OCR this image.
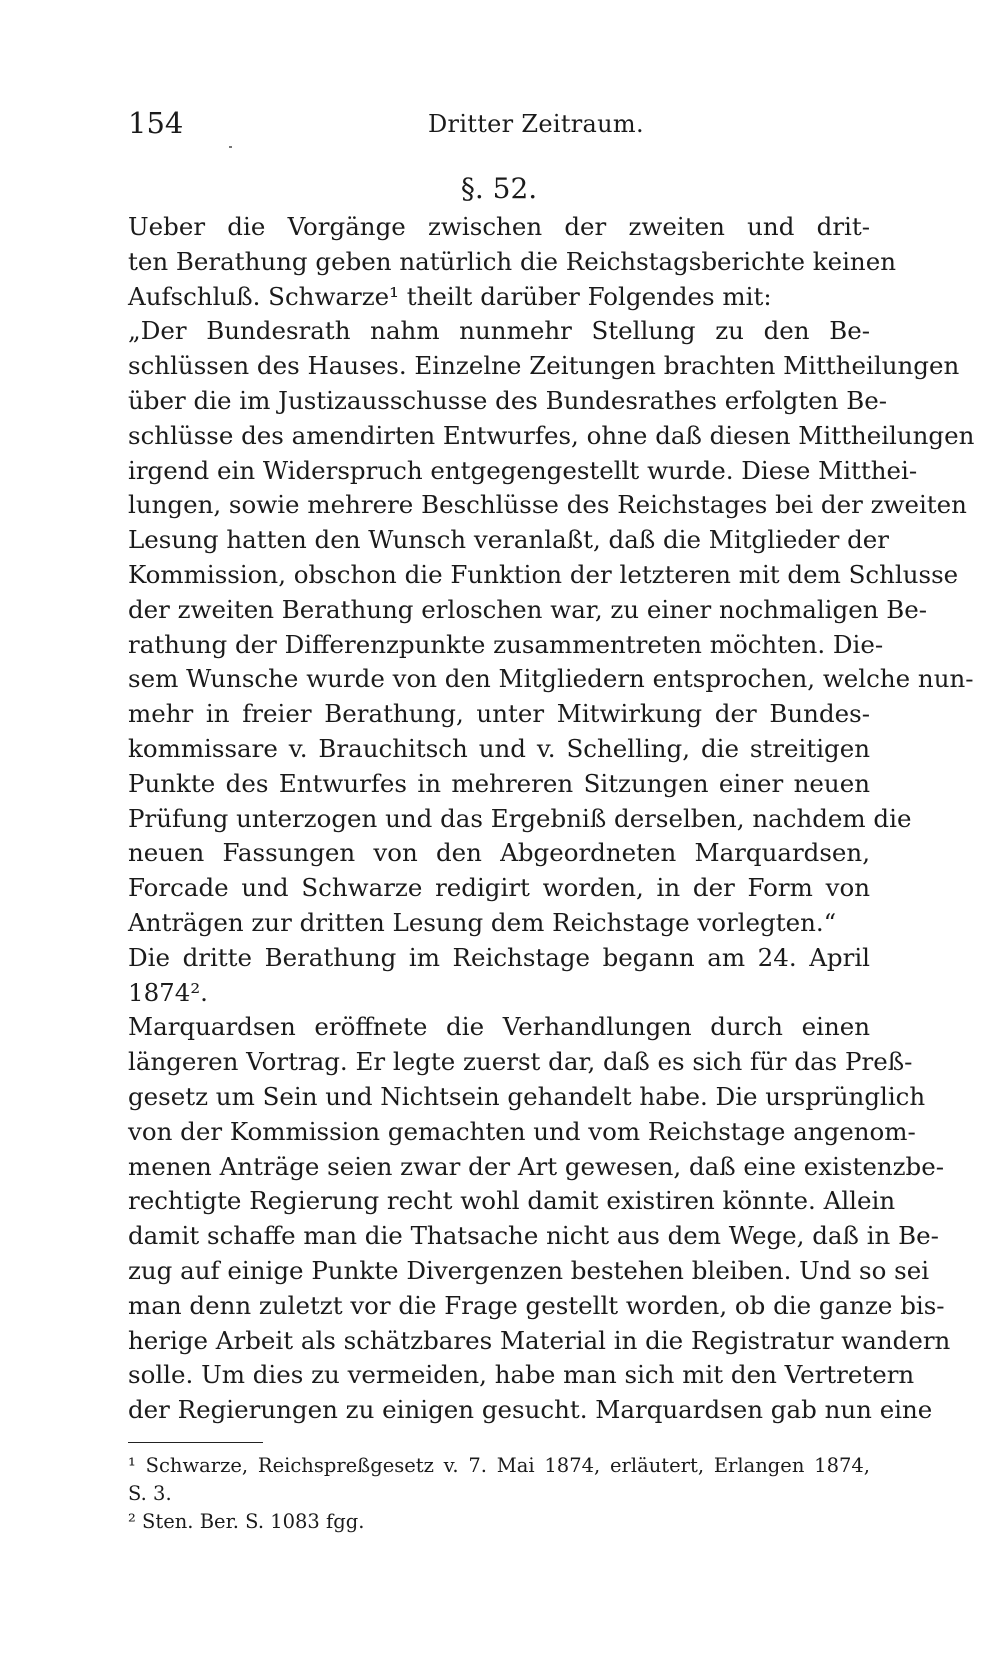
154	Dritter Zeitraum.
§. 52.
Ueber die Vorgänge zwischen der zweiten und drit-
ten Berathung geben natürlich die Reichstagsberichte keinen
Aufschluß. Schwarze¹ theilt darüber Folgendes mit:
„Der Bundesrath nahm nunmehr Stellung zu den Be-
schlüssen des Hauses. Einzelne Zeitungen brachten Mittheilungen
über die im Justizausschusse des Bundesrathes erfolgten Be-
schlüsse des amendirten Entwurfes, ohne daß diesen Mittheilungen
irgend ein Widerspruch entgegengestellt wurde. Diese Mitthei-
lungen, sowie mehrere Beschlüsse des Reichstages bei der zweiten
Lesung hatten den Wunsch veranlaßt, daß die Mitglieder der
Kommission, obschon die Funktion der letzteren mit dem Schlusse
der zweiten Berathung erloschen war, zu einer nochmaligen Be-
rathung der Differenzpunkte zusammentreten möchten. Die-
sem Wunsche wurde von den Mitgliedern entsprochen, welche nun-
mehr in freier Berathung, unter Mitwirkung der Bundes-
kommissare v. Brauchitsch und v. Schelling, die streitigen
Punkte des Entwurfes in mehreren Sitzungen einer neuen
Prüfung unterzogen und das Ergebniß derselben, nachdem die
neuen Fassungen von den Abgeordneten Marquardsen,
Forcade und Schwarze redigirt worden, in der Form von
Anträgen zur dritten Lesung dem Reichstage vorlegten.“
Die dritte Berathung im Reichstage begann am 24. April
1874².
Marquardsen eröffnete die Verhandlungen durch einen
längeren Vortrag. Er legte zuerst dar, daß es sich für das Preß-
gesetz um Sein und Nichtsein gehandelt habe. Die ursprünglich
von der Kommission gemachten und vom Reichstage angenom-
menen Anträge seien zwar der Art gewesen, daß eine existenzbe-
rechtigte Regierung recht wohl damit existiren könnte. Allein
damit schaffe man die Thatsache nicht aus dem Wege, daß in Be-
zug auf einige Punkte Divergenzen bestehen bleiben. Und so sei
man denn zuletzt vor die Frage gestellt worden, ob die ganze bis-
herige Arbeit als schätzbares Material in die Registratur wandern
solle. Um dies zu vermeiden, habe man sich mit den Vertretern
der Regierungen zu einigen gesucht. Marquardsen gab nun eine
¹ Schwarze, Reichspreßgesetz v. 7. Mai 1874, erläutert, Erlangen 1874,
S. 3.
² Sten. Ber. S. 1083 fgg.
